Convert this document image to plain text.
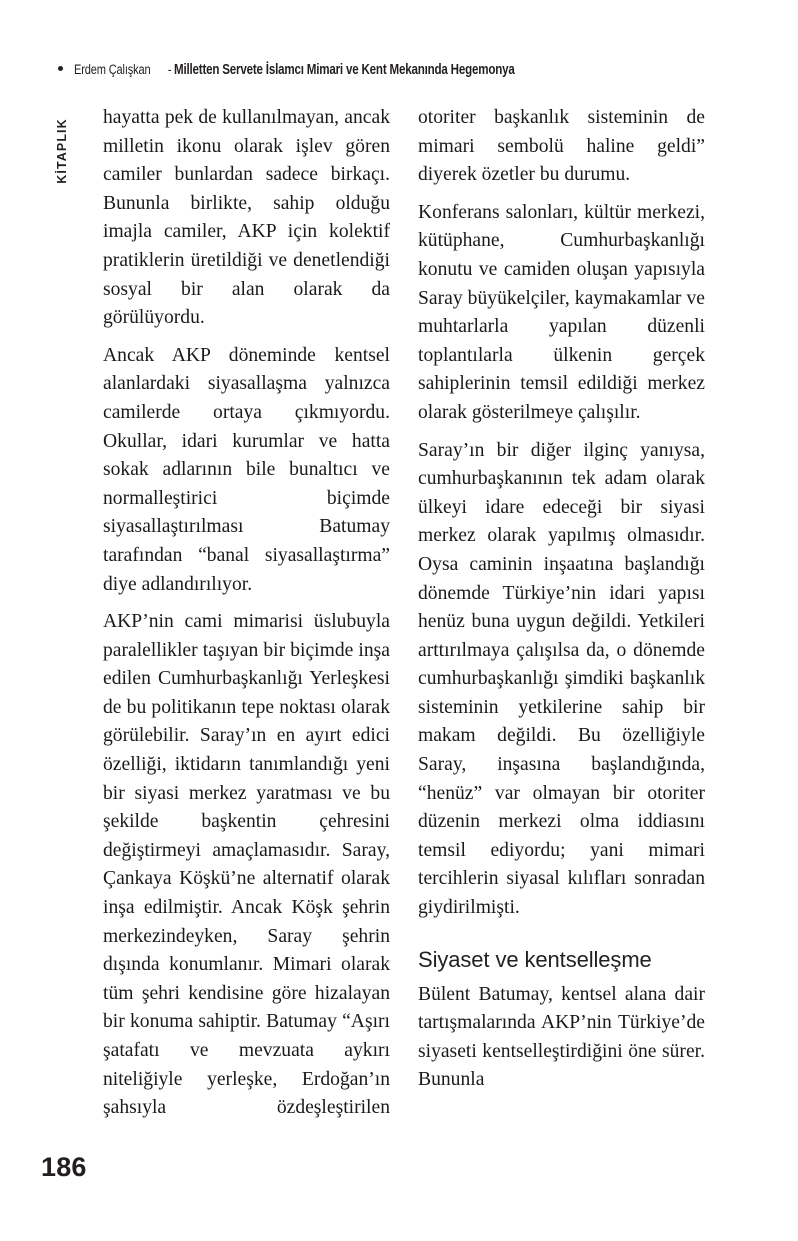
Erdem Çalışkan - Milletten Servete İslamcı Mimari ve Kent Mekanında Hegemonya
KİTAPLIK

hayatta pek de kullanılmayan, ancak milletin ikonu olarak işlev gören camiler bunlardan sadece birkaçı. Bununla birlikte, sahip olduğu imajla camiler, AKP için kolektif pratiklerin üretildiği ve denetlendiği sosyal bir alan olarak da görülüyordu.

Ancak AKP döneminde kentsel alanlardaki siyasallaşma yalnızca camilerde ortaya çıkmıyordu. Okullar, idari kurumlar ve hatta sokak adlarının bile bunaltıcı ve normalleştirici biçimde siyasallaştırılması Batumay tarafından “banal siyasallaştırma” diye adlandırılıyor.

AKP’nin cami mimarisi üslubuyla paralellikler taşıyan bir biçimde inşa edilen Cumhurbaşkanlığı Yerleşkesi de bu politikanın tepe noktası olarak görülebilir. Saray’ın en ayırt edici özelliği, iktidarın tanımlandığı yeni bir siyasi merkez yaratması ve bu şekilde başkentin çehresini değiştirmeyi amaçlamasıdır. Saray, Çankaya Köşkü’ne alternatif olarak inşa edilmiştir. Ancak Köşk şehrin merkezindeyken, Saray şehrin dışında konumlanır. Mimari olarak tüm şehri kendisine göre hizalayan bir konuma sahiptir. Batumay “Aşırı şatafatı ve mevzuata aykırı niteliğiyle yerleşke, Erdoğan’ın şahsıyla özdeşleştirilen

otoriter başkanlık sisteminin de mimari sembolü haline geldi” diyerek özetler bu durumu.

Konferans salonları, kültür merkezi, kütüphane, Cumhurbaşkanlığı konutu ve camiden oluşan yapısıyla Saray büyükelçiler, kaymakamlar ve muhtarlarla yapılan düzenli toplantılarla ülkenin gerçek sahiplerinin temsil edildiği merkez olarak gösterilmeye çalışılır.

Saray’ın bir diğer ilginç yanıysa, cumhurbaşkanının tek adam olarak ülkeyi idare edeceği bir siyasi merkez olarak yapılmış olmasıdır. Oysa caminin inşaatına başlandığı dönemde Türkiye’nin idari yapısı henüz buna uygun değildi. Yetkileri arttırılmaya çalışılsa da, o dönemde cumhurbaşkanlığı şimdiki başkanlık sisteminin yetkilerine sahip bir makam değildi. Bu özelliğiyle Saray, inşasına başlandığında, “henüz” var olmayan bir otoriter düzenin merkezi olma iddiasını temsil ediyordu; yani mimari tercihlerin siyasal kılıfları sonradan giydirilmişti.

Siyaset ve kentselleşme

Bülent Batumay, kentsel alana dair tartışmalarında AKP’nin Türkiye’de siyaseti kentselleştirdiğini öne sürer. Bununla

186
